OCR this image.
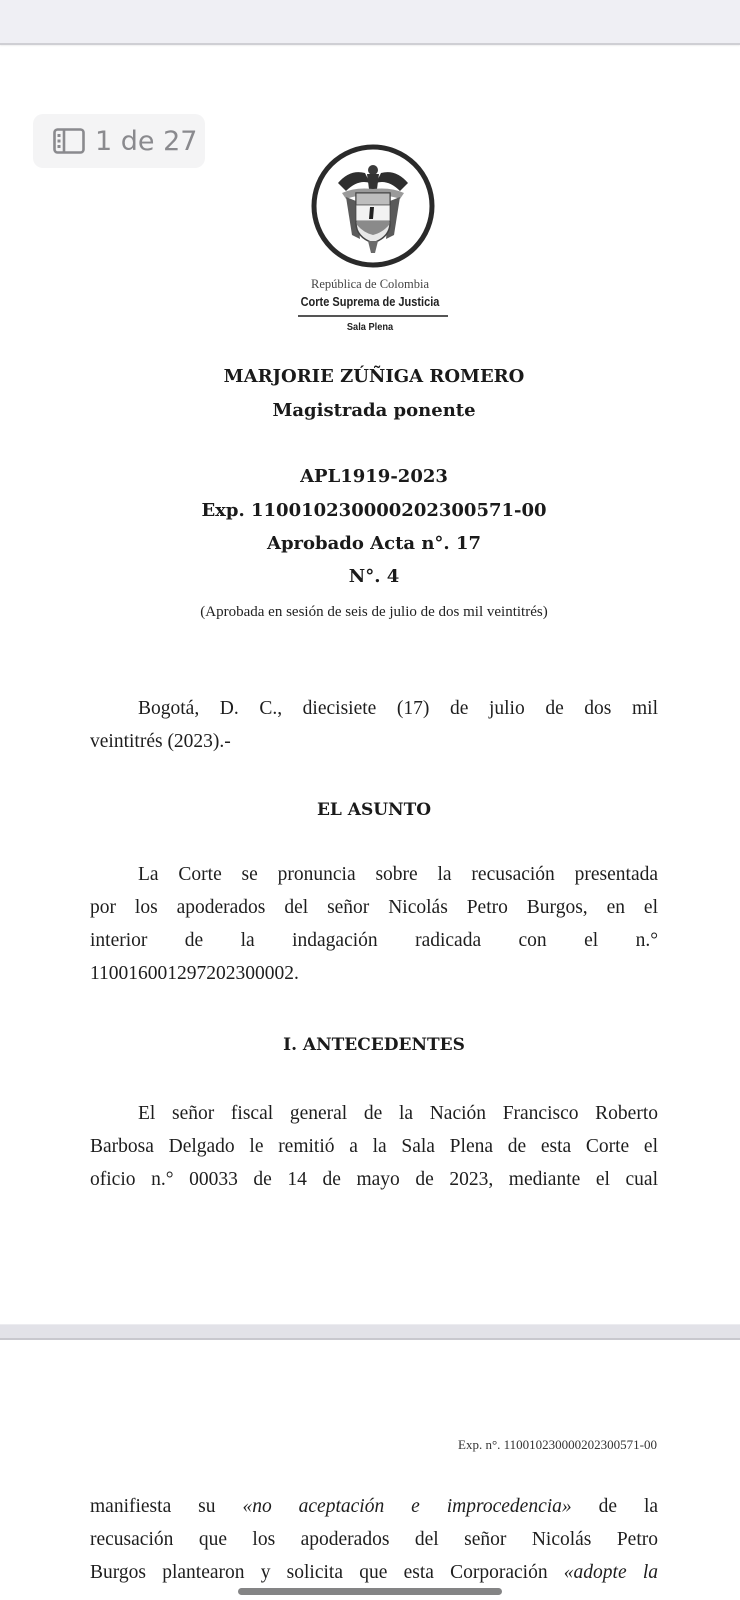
1 de 27
República de Colombia
Corte Suprema de Justicia
Sala Plena
MARJORIE ZÚÑIGA ROMERO
Magistrada ponente
APL1919-2023
Exp. 11001023000020230057​1-00
Aprobado Acta n°. 17
N°. 4
(Aprobada en sesión de seis de julio de dos mil veintitrés)
Bogotá, D. C., diecisiete (17) de julio de dos mil
veintitrés (2023).-
EL ASUNTO
La Corte se pronuncia sobre la recusación presentada
por los apoderados del señor Nicolás Petro Burgos, en el
interior de la indagación radicada con el n.°
110016001297202300002.
I. ANTECEDENTES
El señor fiscal general de la Nación Francisco Roberto
Barbosa Delgado le remitió a la Sala Plena de esta Corte el
oficio n.° 00033 de 14 de mayo de 2023, mediante el cual
Exp. n°. 11001023000020230057​1-00
manifiesta su «no aceptación e improcedencia» de la
recusación que los apoderados del señor Nicolás Petro
Burgos plantearon y solicita que esta Corporación «adopte la
